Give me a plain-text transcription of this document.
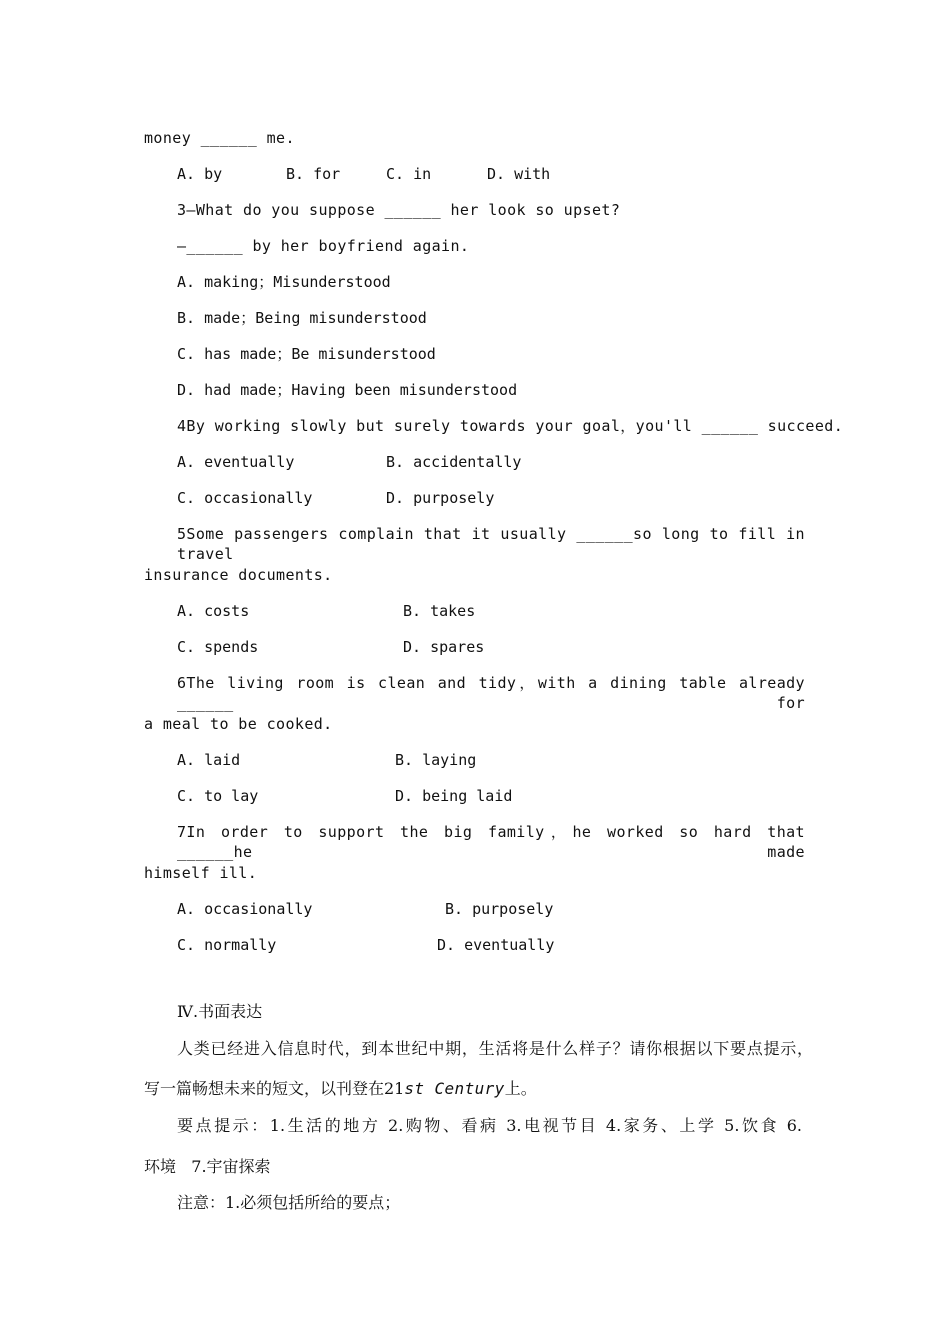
money ______ me.
A. by	B. for	C. in	D. with
3—What do you suppose ______ her look so upset?
—______ by her boyfriend again.
A. making；Misunderstood
B. made；Being misunderstood
C. has made；Be misunderstood
D. had made；Having been misunderstood
4By working slowly but surely towards your goal，you'll ______ succeed.
A. eventually	B. accidentally
C. occasionally	D. purposely
5Some passengers complain that it usually ______so long to fill in travel
insurance documents.
A. costs	B. takes
C. spends	D. spares
6The living room is clean and tidy，with a dining table already ______ for
a meal to be cooked.
A. laid	B. laying
C. to lay	D. being laid
7In order to support the big family，he worked so hard that ______he made
himself ill.
A. occasionally	B. purposely
C. normally	D. eventually
Ⅳ.书面表达
人类已经进入信息时代，到本世纪中期，生活将是什么样子？请你根据以下要点提示，
写一篇畅想未来的短文，以刊登在21st Century上。
要点提示：1.生活的地方 2.购物、看病 3.电视节目 4.家务、上学 5.饮食 6.
环境   7.宇宙探索
注意：1.必须包括所给的要点；
